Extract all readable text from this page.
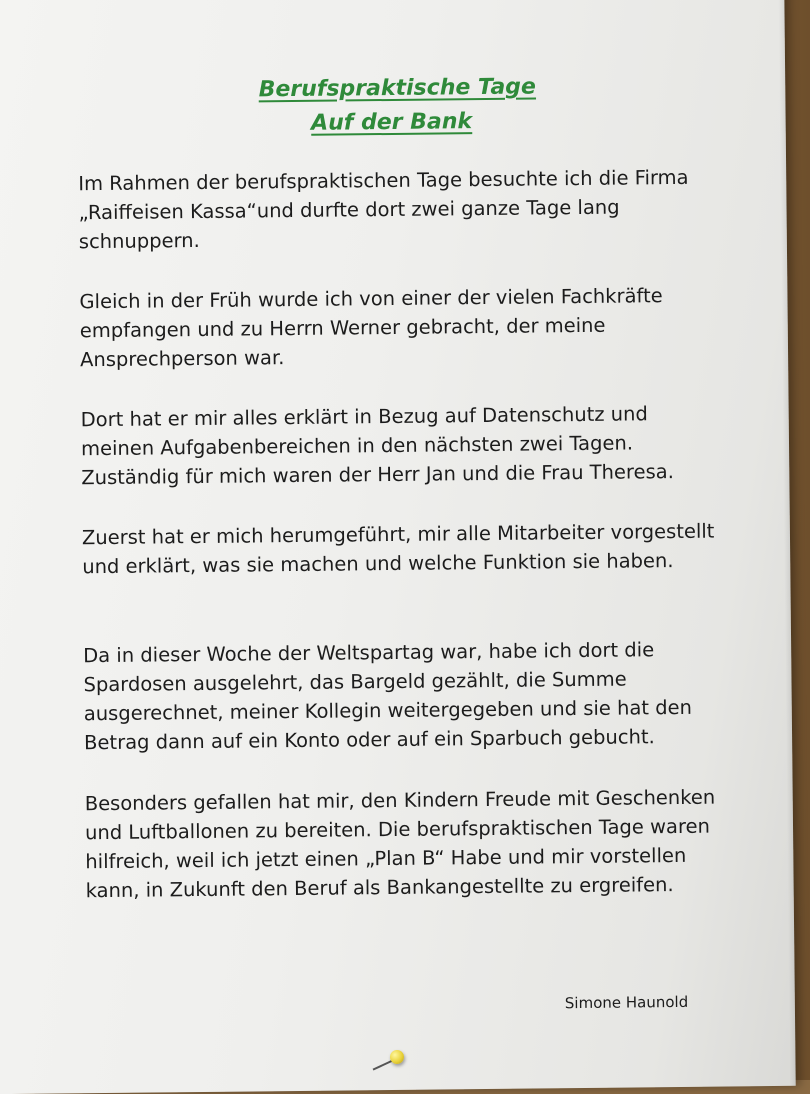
Berufspraktische Tage
Auf der Bank
Im Rahmen der berufspraktischen Tage besuchte ich die Firma „Raiffeisen Kassa“und durfte dort zwei ganze Tage lang schnuppern.
Gleich in der Früh wurde ich von einer der vielen Fachkräfte empfangen und zu Herrn Werner gebracht, der meine Ansprechperson war.
Dort hat er mir alles erklärt in Bezug auf Datenschutz und meinen Aufgabenbereichen in den nächsten zwei Tagen. Zuständig für mich waren der Herr Jan und die Frau Theresa.
Zuerst hat er mich herumgeführt, mir alle Mitarbeiter vorgestellt und erklärt, was sie machen und welche Funktion sie haben.
Da in dieser Woche der Weltspartag war, habe ich dort die Spardosen ausgelehrt, das Bargeld gezählt, die Summe ausgerechnet, meiner Kollegin weitergegeben und sie hat den Betrag dann auf ein Konto oder auf ein Sparbuch gebucht.
Besonders gefallen hat mir, den Kindern Freude mit Geschenken und Luftballonen zu bereiten. Die berufspraktischen Tage waren hilfreich, weil ich jetzt einen „Plan B“ Habe und mir vorstellen kann, in Zukunft den Beruf als Bankangestellte zu ergreifen.
Simone Haunold
